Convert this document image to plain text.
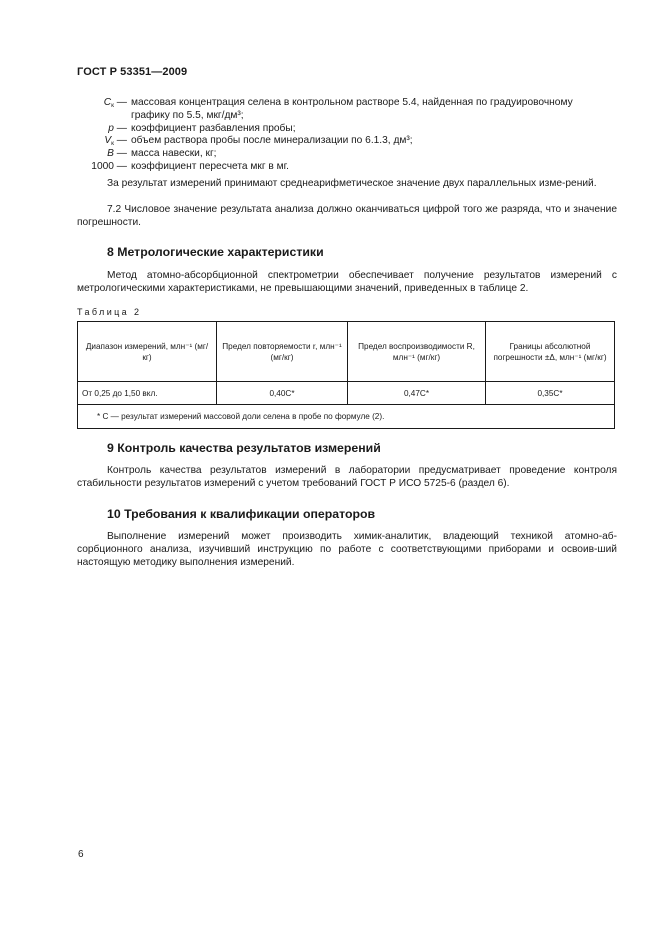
ГОСТ Р 53351—2009
$C_к$ — массовая концентрация селена в контрольном растворе 5.4, найденная по градуировочному
графику по 5.5, мкг/дм³;
p — коэффициент разбавления пробы;
$V_к$ — объем раствора пробы после минерализации по 6.1.3, дм³;
B — масса навески, кг;
1000 — коэффициент пересчета мкг в мг.
За результат измерений принимают среднеарифметическое значение двух параллельных изме-рений.
7.2 Числовое значение результата анализа должно оканчиваться цифрой того же разряда, что и значение погрешности.
8 Метрологические характеристики
Метод атомно-абсорбционной спектрометрии обеспечивает получение результатов измерений с метрологическими характеристиками, не превышающими значений, приведенных в таблице 2.
Таблица 2
Диапазон измерений, млн⁻¹ (мг/кг)	Предел повторяемости r, млн⁻¹ (мг/кг)	Предел воспроизводимости R, млн⁻¹ (мг/кг)	Границы абсолютной погрешности ±Δ, млн⁻¹ (мг/кг)
От 0,25 до 1,50 вкл.	0,40C*	0,47C*	0,35C*
* C — результат измерений массовой доли селена в пробе по формуле (2).			
9 Контроль качества результатов измерений
Контроль качества результатов измерений в лаборатории предусматривает проведение контроля стабильности результатов измерений с учетом требований ГОСТ Р ИСО 5725-6 (раздел 6).
10 Требования к квалификации операторов
Выполнение измерений может производить химик-аналитик, владеющий техникой атомно-аб-сорбционного анализа, изучивший инструкцию по работе с соответствующими приборами и освоив-ший настоящую методику выполнения измерений.
6
